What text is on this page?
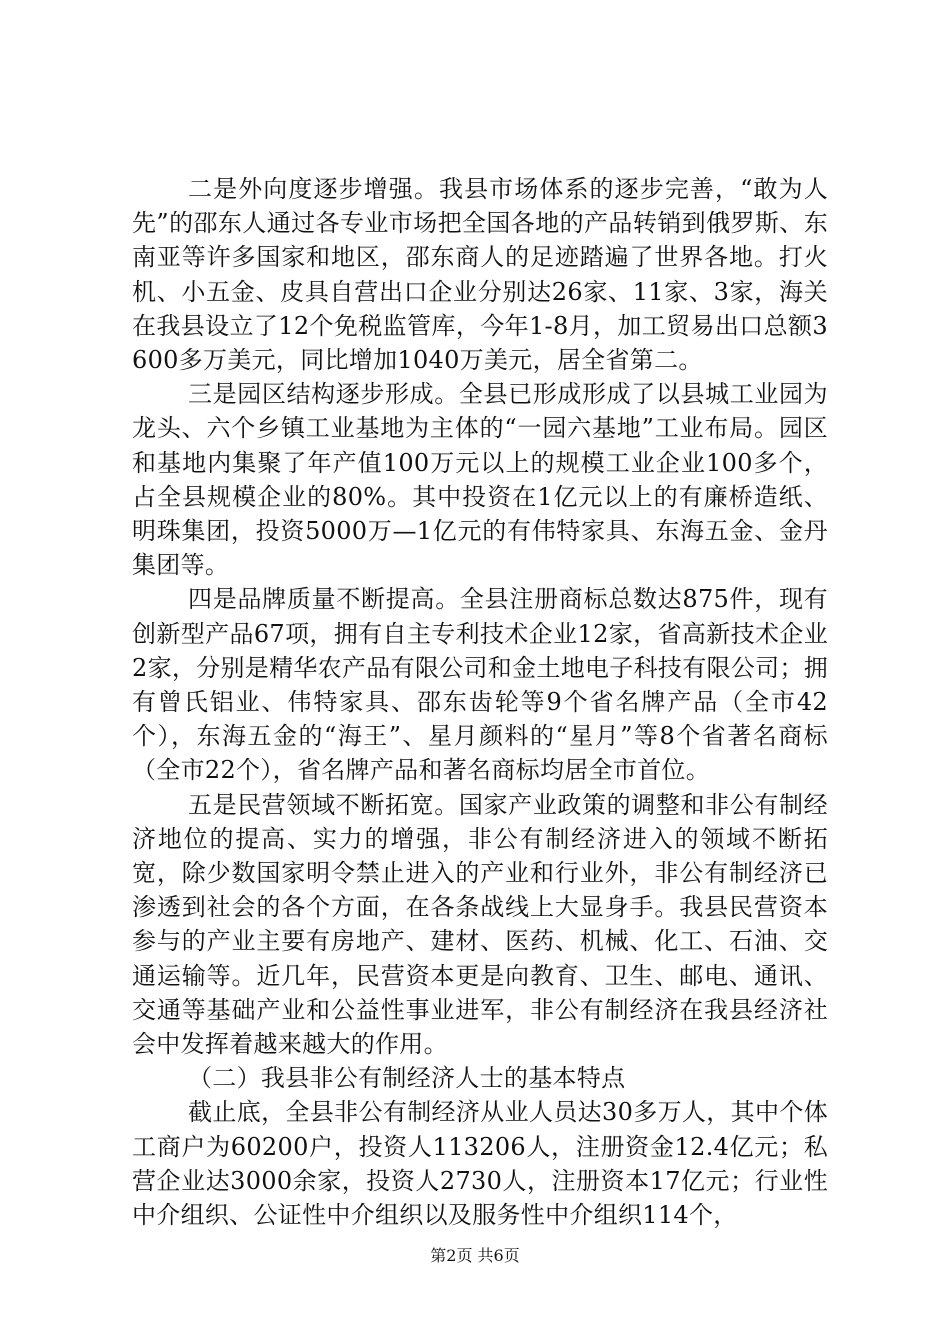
二是外向度逐步增强。我县市场体系的逐步完善，“敢为人先”的邵东人通过各专业市场把全国各地的产品转销到俄罗斯、东南亚等许多国家和地区，邵东商人的足迹踏遍了世界各地。打火机、小五金、皮具自营出口企业分别达26家、11家、3家，海关在我县设立了12个免税监管库，今年1-8月，加工贸易出口总额3600多万美元，同比增加1040万美元，居全省第二。

三是园区结构逐步形成。全县已形成形成了以县城工业园为龙头、六个乡镇工业基地为主体的“一园六基地”工业布局。园区和基地内集聚了年产值100万元以上的规模工业企业100多个，占全县规模企业的80%。其中投资在1亿元以上的有廉桥造纸、明珠集团，投资5000万—1亿元的有伟特家具、东海五金、金丹集团等。

四是品牌质量不断提高。全县注册商标总数达875件，现有创新型产品67项，拥有自主专利技术企业12家，省高新技术企业2家，分别是精华农产品有限公司和金土地电子科技有限公司；拥有曾氏铝业、伟特家具、邵东齿轮等9个省名牌产品（全市42个），东海五金的“海王”、星月颜料的“星月”等8个省著名商标（全市22个），省名牌产品和著名商标均居全市首位。

五是民营领域不断拓宽。国家产业政策的调整和非公有制经济地位的提高、实力的增强，非公有制经济进入的领域不断拓宽，除少数国家明令禁止进入的产业和行业外，非公有制经济已渗透到社会的各个方面，在各条战线上大显身手。我县民营资本参与的产业主要有房地产、建材、医药、机械、化工、石油、交通运输等。近几年，民营资本更是向教育、卫生、邮电、通讯、交通等基础产业和公益性事业进军，非公有制经济在我县经济社会中发挥着越来越大的作用。

（二）我县非公有制经济人士的基本特点

截止底，全县非公有制经济从业人员达30多万人，其中个体工商户为60200户，投资人113206人，注册资金12.4亿元；私营企业达3000余家，投资人2730人，注册资本17亿元；行业性中介组织、公证性中介组织以及服务性中介组织114个，

第2页 共6页
